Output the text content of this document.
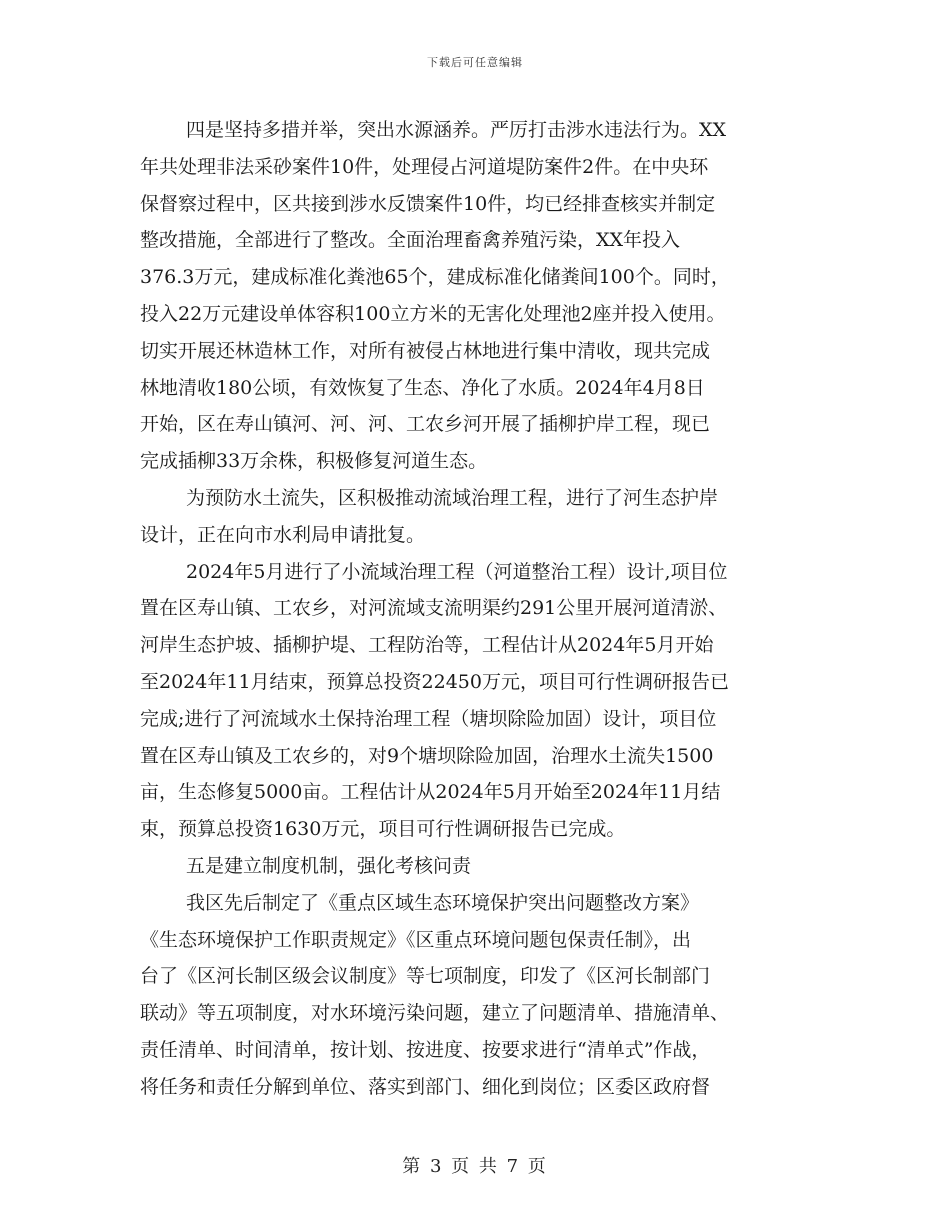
下载后可任意编辑

四是坚持多措并举，突出水源涵养。严厉打击涉水违法行为。XX
年共处理非法采砂案件10件，处理侵占河道堤防案件2件。在中央环
保督察过程中，区共接到涉水反馈案件10件，均已经排查核实并制定
整改措施，全部进行了整改。全面治理畜禽养殖污染，XX年投入
376.3万元，建成标准化粪池65个，建成标准化储粪间100个。同时，
投入22万元建设单体容积100立方米的无害化处理池2座并投入使用。
切实开展还林造林工作，对所有被侵占林地进行集中清收，现共完成
林地清收180公顷，有效恢复了生态、净化了水质。2024年4月8日
开始，区在寿山镇河、河、河、工农乡河开展了插柳护岸工程，现已
完成插柳33万余株，积极修复河道生态。

为预防水土流失，区积极推动流域治理工程，进行了河生态护岸
设计，正在向市水利局申请批复。

2024年5月进行了小流域治理工程（河道整治工程）设计,项目位
置在区寿山镇、工农乡，对河流域支流明渠约291公里开展河道清淤、
河岸生态护坡、插柳护堤、工程防治等，工程估计从2024年5月开始
至2024年11月结束，预算总投资22450万元，项目可行性调研报告已
完成;进行了河流域水土保持治理工程（塘坝除险加固）设计，项目位
置在区寿山镇及工农乡的，对9个塘坝除险加固，治理水土流失1500
亩，生态修复5000亩。工程估计从2024年5月开始至2024年11月结
束，预算总投资1630万元，项目可行性调研报告已完成。

五是建立制度机制，强化考核问责

我区先后制定了《重点区域生态环境保护突出问题整改方案》
《生态环境保护工作职责规定》《区重点环境问题包保责任制》，出
台了《区河长制区级会议制度》等七项制度，印发了《区河长制部门
联动》等五项制度，对水环境污染问题，建立了问题清单、措施清单、
责任清单、时间清单，按计划、按进度、按要求进行“清单式”作战，
将任务和责任分解到单位、落实到部门、细化到岗位；区委区政府督

第 3 页 共 7 页
